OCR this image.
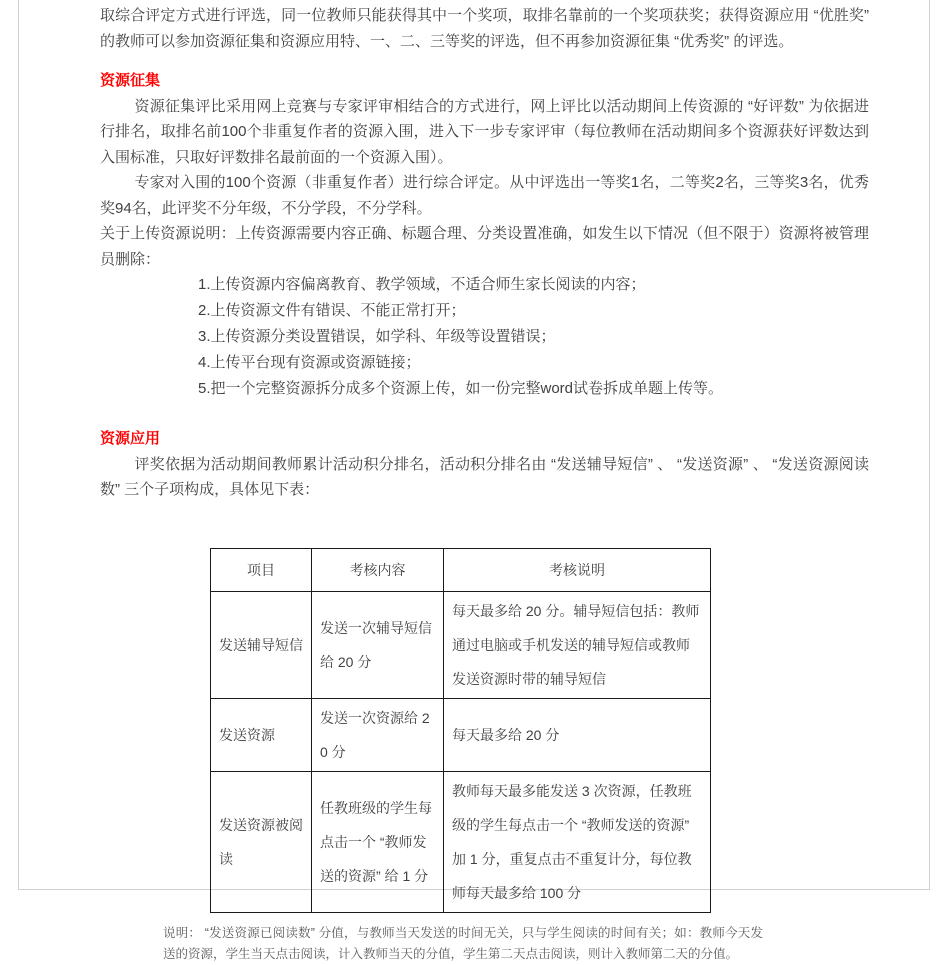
取综合评定方式进行评选，同一位教师只能获得其中一个奖项，取排名靠前的一个奖项获奖；获得资源应用 “优胜奖” 的教师可以参加资源征集和资源应用特、一、二、三等奖的评选，但不再参加资源征集 “优秀奖” 的评选。

资源征集

资源征集评比采用网上竞赛与专家评审相结合的方式进行，网上评比以活动期间上传资源的 “好评数” 为依据进行排名，取排名前100个非重复作者的资源入围，进入下一步专家评审（每位教师在活动期间多个资源获好评数达到入围标准，只取好评数排名最前面的一个资源入围）。

专家对入围的100个资源（非重复作者）进行综合评定。从中评选出一等奖1名，二等奖2名，三等奖3名，优秀奖94名，此评奖不分年级，不分学段，不分学科。

关于上传资源说明：上传资源需要内容正确、标题合理、分类设置准确，如发生以下情况（但不限于）资源将被管理员删除：

1.上传资源内容偏离教育、教学领域，不适合师生家长阅读的内容；
2.上传资源文件有错误、不能正常打开；
3.上传资源分类设置错误，如学科、年级等设置错误；
4.上传平台现有资源或资源链接；
5.把一个完整资源拆分成多个资源上传，如一份完整word试卷拆成单题上传等。
资源应用

评奖依据为活动期间教师累计活动积分排名，活动积分排名由 “发送辅导短信” 、 “发送资源” 、 “发送资源阅读数” 三个子项构成，具体见下表：

项目	考核内容	考核说明
发送辅导短信	发送一次辅导短信给 20 分	每天最多给 20 分。辅导短信包括：教师通过电脑或手机发送的辅导短信或教师发送资源时带的辅导短信
发送资源	发送一次资源给 20 分	每天最多给 20 分
发送资源被阅读	任教班级的学生每点击一个 “教师发送的资源” 给 1 分	教师每天最多能发送 3 次资源，任教班级的学生每点击一个 “教师发送的资源” 加 1 分，重复点击不重复计分，每位教师每天最多给 100 分

说明： “发送资源已阅读数” 分值，与教师当天发送的时间无关，只与学生阅读的时间有关；如：教师今天发送的资源，学生当天点击阅读，计入教师当天的分值，学生第二天点击阅读，则计入教师第二天的分值。
